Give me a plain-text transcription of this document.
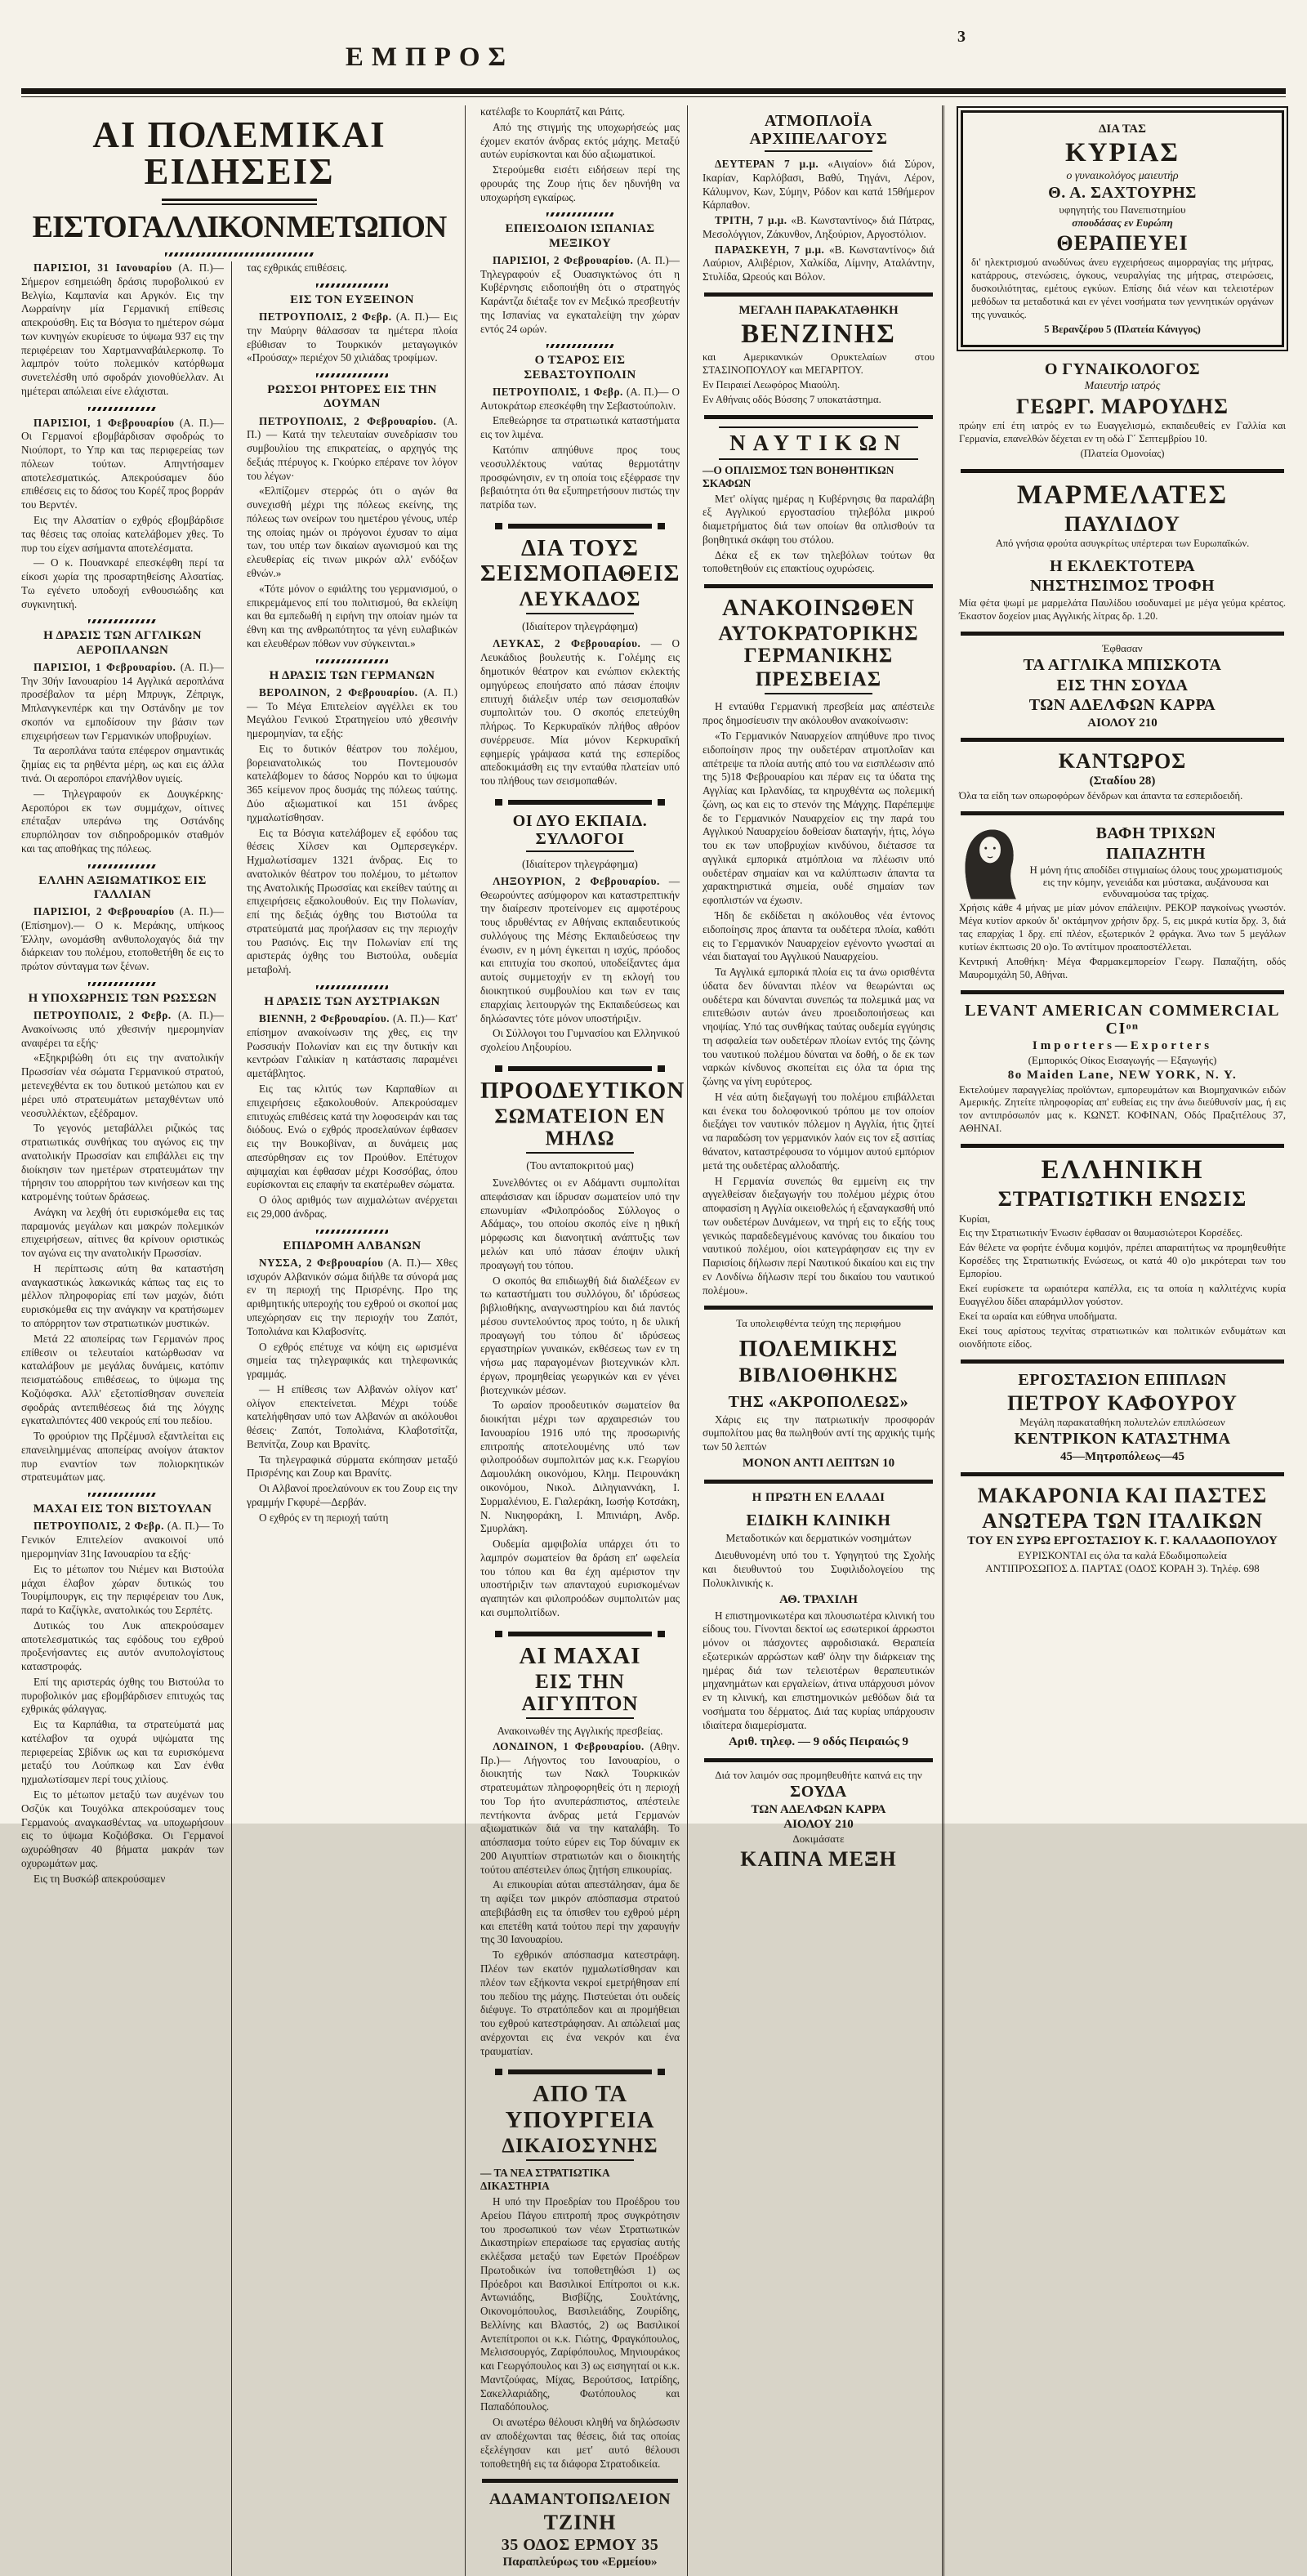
3
ΕΜΠΡΟΣ
ΑΙ ΠΟΛΕΜΙΚΑΙ ΕΙΔΗΣΕΙΣ
ΕΙΣ ΤΟ ΓΑΛΛΙΚΟΝ ΜΕΤΩΠΟΝ

ΠΑΡΙΣΙΟΙ, 31 Ιανουαρίου (Α. Π.)— Σήμερον εσημειώθη δράσις πυροβολικού εν Βελγίω, Καμπανία και Αργκόν. Εις την Λωρραίνην μία Γερμανική επίθεσις απεκρούσθη. Εις τα Βόσγια το ημέτερον σώμα των κυνηγών εκυρίευσε το ύψωμα 937 εις την περιφέρειαν του Χαρτμανναβάιλερκοπφ. Το λαμπρόν τούτο πολεμικόν κατόρθωμα συνετελέσθη υπό σφοδράν χιονοθύελλαν. Αι ημέτεραι απώλειαι είνε ελάχισται.

ΠΑΡΙΣΙΟΙ, 1 Φεβρουαρίου (Α. Π.)— Οι Γερμανοί εβομβάρδισαν σφοδρώς το Νιούπορτ, το Υπρ και τας περιφερείας των πόλεων τούτων. Απηντήσαμεν αποτελεσματικώς. Απεκρούσαμεν δύο επιθέσεις εις το δάσος του Κορέζ προς βορράν του Βερντέν.

Εις την Αλσατίαν ο εχθρός εβομβάρδισε τας θέσεις τας οποίας κατελάβομεν χθες. Το πυρ του είχεν ασήμαντα αποτελέσματα.

— Ο κ. Πουανκαρέ επεσκέφθη περί τα είκοσι χωρία της προσαρτηθείσης Αλσατίας. Τω εγένετο υποδοχή ενθουσιώδης και συγκινητική.

Η ΔΡΑΣΙΣ ΤΩΝ ΑΓΓΛΙΚΩΝ ΑΕΡΟΠΛΑΝΩΝ

ΠΑΡΙΣΙΟΙ, 1 Φεβρουαρίου. (Α. Π.)— Την 30ήν Ιανουαρίου 14 Αγγλικά αεροπλάνα προσέβαλον τα μέρη Μπρυγκ, Ζέπριγκ, Μπλανγκενπέρκ και την Οστάνδην με τον σκοπόν να εμποδίσουν την βάσιν των επιχειρήσεων των Γερμανικών υποβρυχίων.

Τα αεροπλάνα ταύτα επέφερον σημαντικάς ζημίας εις τα ρηθέντα μέρη, ως και εις άλλα τινά. Οι αεροπόροι επανήλθον υγιείς.

— Τηλεγραφούν εκ Δουγκέρκης· Αεροπόροι εκ των συμμάχων, οίτινες επέταξαν υπεράνω της Οστάνδης επυρπόλησαν τον σιδηροδρομικόν σταθμόν και τας αποθήκας της πόλεως.

ΕΛΛΗΝ ΑΞΙΩΜΑΤΙΚΟΣ ΕΙΣ ΓΑΛΛΙΑΝ

ΠΑΡΙΣΙΟΙ, 2 Φεβρουαρίου (Α. Π.)— (Επίσημον).— Ο κ. Μεράκης, υπήκοος Έλλην, ωνομάσθη ανθυπολοχαγός διά την διάρκειαν του πολέμου, ετοποθετήθη δε εις το πρώτον σύνταγμα των ξένων.

Η ΥΠΟΧΩΡΗΣΙΣ ΤΩΝ ΡΩΣΣΩΝ

ΠΕΤΡΟΥΠΟΛΙΣ, 2 Φεβρ. (Α. Π.)— Ανακοίνωσις υπό χθεσινήν ημερομηνίαν αναφέρει τα εξής·

«Εξηκριβώθη ότι εις την ανατολικήν Πρωσσίαν νέα σώματα Γερμανικού στρατού, μετενεχθέντα εκ του δυτικού μετώπου και εν μέρει υπό στρατευμάτων μεταχθέντων υπό νεοσυλλέκτων, εξέδραμον.

Το γεγονός μεταβάλλει ριζικώς τας στρατιωτικάς συνθήκας του αγώνος εις την ανατολικήν Πρωσσίαν και επιβάλλει εις την διοίκησιν των ημετέρων στρατευμάτων την τήρησιν του απορρήτου των κινήσεων και της κατρομένης τούτων δράσεως.

Ανάγκη να λεχθή ότι ευρισκόμεθα εις τας παραμονάς μεγάλων και μακρών πολεμικών επιχειρήσεων, αίτινες θα κρίνουν οριστικώς τον αγώνα εις την ανατολικήν Πρωσσίαν.

Η περίπτωσις αύτη θα καταστήση αναγκαστικώς λακωνικάς κάπως τας εις το μέλλον πληροφορίας επί των μαχών, διότι ευρισκόμεθα εις την ανάγκην να κρατήσωμεν το απόρρητον των στρατιωτικών μυστικών.

Μετά 22 αποπείρας των Γερμανών προς επίθεσιν οι τελευταίοι κατώρθωσαν να καταλάβουν με μεγάλας δυνάμεις, κατόπιν πεισματώδους επιθέσεως, το ύψωμα της Κοζιόφσκα. Αλλ' εξετοπίσθησαν συνεπεία σφοδράς αντεπιθέσεως διά της λόγχης εγκαταλιπόντες 400 νεκρούς επί του πεδίου.

Το φρούριον της Πρζέμυσλ εξαντλείται εις επανειλημμένας αποπείρας ανοίγον άτακτον πυρ εναντίον των πολιορκητικών στρατευμάτων μας.

ΜΑΧΑΙ ΕΙΣ ΤΟΝ ΒΙΣΤΟΥΛΑΝ

ΠΕΤΡΟΥΠΟΛΙΣ, 2 Φεβρ. (Α. Π.)— Το Γενικόν Επιτελείον ανακοινοί υπό ημερομηνίαν 31ης Ιανουαρίου τα εξής·

Εις το μέτωπον του Νιέμεν και Βιστούλα μάχαι έλαβον χώραν δυτικώς του Τουρίμπουργκ, εις την περιφέρειαν του Λυκ, παρά το Καζίγκλε, ανατολικώς του Σερπέτς.

Δυτικώς του Λυκ απεκρούσαμεν αποτελεσματικώς τας εφόδους του εχθρού προξενήσαντες εις αυτόν ανυπολογίστους καταστροφάς.

Επί της αριστεράς όχθης του Βιστούλα το πυροβολικόν μας εβομβάρδισεν επιτυχώς τας εχθρικάς φάλαγγας.

Εις τα Καρπάθια, τα στρατεύματά μας κατέλαβον τα οχυρά υψώματα της περιφερείας Σβίδνικ ως και τα ευρισκόμενα μεταξύ του Λούπκωφ και Σαν ένθα ηχμαλωτίσαμεν περί τους χιλίους.

Εις το μέτωπον μεταξύ των αυχένων του Οσζύκ και Τουχόλκα απεκρούσαμεν τους Γερμανούς αναγκασθέντας να υποχωρήσουν εις το ύψωμα Κοζιόβσκα. Οι Γερμανοί ωχυρώθησαν 40 βήματα μακράν των οχυρωμάτων μας.

Εις τη Βυσκώβ απεκρούσαμεν

τας εχθρικάς επιθέσεις.

ΕΙΣ ΤΟΝ ΕΥΞΕΙΝΟΝ

ΠΕΤΡΟΥΠΟΛΙΣ, 2 Φεβρ. (Α. Π.)— Εις την Μαύρην θάλασσαν τα ημέτερα πλοία εβύθισαν το Τουρκικόν μεταγωγικόν «Προύσαχ» περιέχον 50 χιλιάδας τροφίμων.

ΡΩΣΣΟΙ ΡΗΤΟΡΕΣ ΕΙΣ ΤΗΝ ΔΟΥΜΑΝ

ΠΕΤΡΟΥΠΟΛΙΣ, 2 Φεβρουαρίου. (Α. Π.) — Κατά την τελευταίαν συνεδρίασιν του συμβουλίου της επικρατείας, ο αρχηγός της δεξιάς πτέρυγος κ. Γκούρκο επέρανε τον λόγον του λέγων·

«Ελπίζομεν στερρώς ότι ο αγών θα συνεχισθή μέχρι της πόλεως εκείνης, της πόλεως των ονείρων του ημετέρου γένους, υπέρ της οποίας ημών οι πρόγονοι έχυσαν το αίμα των, του υπέρ των δικαίων αγωνισμού και της ελευθερίας είς τινων μικρών αλλ' ενδόξων εθνών.»

«Τότε μόνον ο εφιάλτης του γερμανισμού, ο επικρεμάμενος επί του πολιτισμού, θα εκλείψη και θα εμπεδωθή η ειρήνη την οποίαν ημών τα έθνη και της ανθρωπότητος τα γένη ευλαβικών και ελευθέρων πόθων νυν σύγκεινται.»

Η ΔΡΑΣΙΣ ΤΩΝ ΓΕΡΜΑΝΩΝ

ΒΕΡΟΛΙΝΟΝ, 2 Φεβρουαρίου. (Α. Π.) — Το Μέγα Επιτελείον αγγέλλει εκ του Μεγάλου Γενικού Στρατηγείου υπό χθεσινήν ημερομηνίαν, τα εξής:

Εις το δυτικόν θέατρον του πολέμου, βορειανατολικώς του Ποντεμουσόν κατελάβομεν το δάσος Νορρόυ και το ύψωμα 365 κείμενον προς δυσμάς της πόλεως ταύτης. Δύο αξιωματικοί και 151 άνδρες ηχμαλωτίσθησαν.

Εις τα Βόσγια κατελάβομεν εξ εφόδου τας θέσεις Χίλσεν και Ομπερσεγκέρν. Ηχμαλωτίσαμεν 1321 άνδρας. Εις το ανατολικόν θέατρον του πολέμου, το μέτωπον της Ανατολικής Πρωσσίας και εκείθεν ταύτης αι επιχειρήσεις εξακολουθούν. Εις την Πολωνίαν, επί της δεξιάς όχθης του Βιστούλα τα στρατεύματά μας προήλασαν εις την περιοχήν του Ρασιόνς. Εις την Πολωνίαν επί της αριστεράς όχθης του Βιστούλα, ουδεμία μεταβολή.

Η ΔΡΑΣΙΣ ΤΩΝ ΑΥΣΤΡΙΑΚΩΝ

ΒΙΕΝΝΗ, 2 Φεβρουαρίου. (Α. Π.)— Κατ' επίσημον ανακοίνωσιν της χθες, εις την Ρωσσικήν Πολωνίαν και εις την δυτικήν και κεντρώαν Γαλικίαν η κατάστασις παραμένει αμετάβλητος.

Εις τας κλιτύς των Καρπαθίων αι επιχειρήσεις εξακολουθούν. Απεκρούσαμεν επιτυχώς επιθέσεις κατά την λοφοσειράν και τας διόδους. Ενώ ο εχθρός προσελαύνων έφθασεν εις την Βουκοβίναν, αι δυνάμεις μας απεσύρθησαν εις τον Προύθον. Επέτυχον αψιμαχίαι και έφθασαν μέχρι Κοσσόβας, όπου ευρίσκονται εις επαφήν τα εκατέρωθεν σώματα.

Ο όλος αριθμός των αιχμαλώτων ανέρχεται εις 29,000 άνδρας.

ΕΠΙΔΡΟΜΗ ΑΛΒΑΝΩΝ

ΝΥΣΣΑ, 2 Φεβρουαρίου (Α. Π.)— Χθες ισχυρόν Αλβανικόν σώμα διήλθε τα σύνορά μας εν τη περιοχή της Πρισρένης. Προ της αριθμητικής υπεροχής του εχθρού οι σκοποί μας υπεχώρησαν εις την περιοχήν του Ζαπότ, Τοπολιάνα και Κλαβοσνίτς.

Ο εχθρός επέτυχε να κόψη εις ωρισμένα σημεία τας τηλεγραφικάς και τηλεφωνικάς γραμμάς.

— Η επίθεσις των Αλβανών ολίγον κατ' ολίγον επεκτείνεται. Μέχρι τούδε κατελήφθησαν υπό των Αλβανών αι ακόλουθοι θέσεις· Ζαπότ, Τοπολιάνα, Κλαβοτσίτζα, Βεπνίτζα, Ζουρ και Βρανίτς.

Τα τηλεγραφικά σύρματα εκόπησαν μεταξύ Πρισρένης και Ζουρ και Βρανίτς.

Οι Αλβανοί προελαύνουν εκ του Ζουρ εις την γραμμήν Γκφυρέ—Δερβάν.

Ο εχθρός εν τη περιοχή ταύτη

κατέλαβε το Κουρπάτζ και Ράιτς.

Από της στιγμής της υποχωρήσεώς μας έχομεν εκατόν άνδρας εκτός μάχης. Μεταξύ αυτών ευρίσκονται και δύο αξιωματικοί.

Στερούμεθα εισέτι ειδήσεων περί της φρουράς της Ζουρ ήτις δεν ηδυνήθη να υποχωρήση εγκαίρως.

ΕΠΕΙΣΟΔΙΟΝ ΙΣΠΑΝΙΑΣ ΜΕΞΙΚΟΥ

ΠΑΡΙΣΙΟΙ, 2 Φεβρουαρίου. (Α. Π.)— Τηλεγραφούν εξ Ουασιγκτώνος ότι η Κυβέρνησις ειδοποιήθη ότι ο στρατηγός Καράντζα διέταξε τον εν Μεξικώ πρεσβευτήν της Ισπανίας να εγκαταλείψη την χώραν εντός 24 ωρών.

Ο ΤΣΑΡΟΣ ΕΙΣ ΣΕΒΑΣΤΟΥΠΟΛΙΝ

ΠΕΤΡΟΥΠΟΛΙΣ, 1 Φεβρ. (Α. Π.)— Ο Αυτοκράτωρ επεσκέφθη την Σεβαστούπολιν.

Επεθεώρησε τα στρατιωτικά καταστήματα εις τον λιμένα.

Κατόπιν απηύθυνε προς τους νεοσυλλέκτους ναύτας θερμοτάτην προσφώνησιν, εν τη οποία τοις εξέφρασε την βεβαιότητα ότι θα εξυπηρετήσουν πιστώς την πατρίδα των.

ΔΙΑ ΤΟΥΣ ΣΕΙΣΜΟΠΑΘΕΙΣ
ΛΕΥΚΑΔΟΣ
(Ιδιαίτερον τηλεγράφημα)

ΛΕΥΚΑΣ, 2 Φεβρουαρίου. — Ο Λευκάδιος βουλευτής κ. Γολέμης εις δημοτικόν θέατρον και ενώπιον εκλεκτής ομηγύρεως εποιήσατο από πάσαν έποψιν επιτυχή διάλεξιν υπέρ των σεισμοπαθών συμπολιτών του. Ο σκοπός επετεύχθη πλήρως. Το Κερκυραϊκόν πλήθος αθρόον συνέρρευσε. Μία μόνον Κερκυραϊκή εφημερίς γράψασα κατά της εσπερίδος απεδοκιμάσθη εις την ενταύθα πλατείαν υπό του πλήθους των σεισμοπαθών.

ΟΙ ΔΥΟ ΕΚΠΑΙΔ. ΣΥΛΛΟΓΟΙ
(Ιδιαίτερον τηλεγράφημα)

ΛΗΞΟΥΡΙΟΝ, 2 Φεβρουαρίου. — Θεωρούντες ασύμφορον και καταστρεπτικήν την διαίρεσιν προτείνομεν εις αμφοτέρους τους ιδρυθέντας εν Αθήναις εκπαιδευτικούς συλλόγους της Μέσης Εκπαιδεύσεως την ένωσιν, εν η μόνη έγκειται η ισχύς, πρόοδος και επιτυχία του σκοπού, υποδείξαντες άμα αυτοίς συμμετοχήν εν τη εκλογή του διοικητικού συμβουλίου και των εν ταις επαρχίαις λειτουργών της Εκπαιδεύσεως και δηλώσαντες τότε μόνον υποστήριξιν.

Οι Σύλλογοι του Γυμνασίου και Ελληνικού σχολείου Ληξουρίου.

ΠΡΟΟΔΕΥΤΙΚΟΝ
ΣΩΜΑΤΕΙΟΝ ΕΝ ΜΗΛΩ
(Του ανταποκριτού μας)

Συνελθόντες οι εν Αδάμαντι συμπολίται απεφάσισαν και ίδρυσαν σωματείον υπό την επωνυμίαν «Φιλοπρόοδος Σύλλογος ο Αδάμας», του οποίου σκοπός είνε η ηθική μόρφωσις και διανοητική ανάπτυξις των μελών και υπό πάσαν έποψιν υλική προαγωγή του τόπου.

Ο σκοπός θα επιδιωχθή διά διαλέξεων εν τω καταστήματι του συλλόγου, δι' ιδρύσεως βιβλιοθήκης, αναγνωστηρίου και διά παντός μέσου συντελούντος προς τούτο, η δε υλική προαγωγή του τόπου δι' ιδρύσεως εργαστηρίων γυναικών, εκθέσεως των εν τη νήσω μας παραγομένων βιοτεχνικών κλπ. έργων, προμηθείας γεωργικών και εν γένει βιοτεχνικών μέσων.

Το ωραίον προοδευτικόν σωματείον θα διοικήται μέχρι των αρχαιρεσιών του Ιανουαρίου 1916 υπό της προσωρινής επιτροπής αποτελουμένης υπό των φιλοπροόδων συμπολιτών μας κ.κ. Γεωργίου Δαμουλάκη οικονόμου, Κλημ. Πειρουνάκη οικονόμου, Νικολ. Διληγιαννάκη, Ι. Συρμαλένιου, Ε. Γιαλεράκη, Ιωσήφ Κοτσάκη, Ν. Νικηφοράκη, Ι. Μπινιάρη, Ανδρ. Σμυρλάκη.

Ουδεμία αμφιβολία υπάρχει ότι το λαμπρόν σωματείον θα δράση επ' ωφελεία του τόπου και θα έχη αμέριστον την υποστήριξιν των απανταχού ευρισκομένων αγαπητών και φιλοπροόδων συμπολιτών μας και συμπολιτίδων.

ΑΙ ΜΑΧΑΙ
ΕΙΣ ΤΗΝ ΑΙΓΥΠΤΟΝ

Ανακοινωθέν της Αγγλικής πρεσβείας.

ΛΟΝΔΙΝΟΝ, 1 Φεβρουαρίου. (Αθην. Πρ.)— Λήγοντος του Ιανουαρίου, ο διοικητής των Νακλ Τουρκικών στρατευμάτων πληροφορηθείς ότι η περιοχή του Τορ ήτο ανυπεράσπιστος, απέστειλε πεντήκοντα άνδρας μετά Γερμανών αξιωματικών διά να την καταλάβη. Το απόσπασμα τούτο εύρεν εις Τορ δύναμιν εκ 200 Αιγυπτίων στρατιωτών και ο διοικητής τούτου απέστειλεν όπως ζητήση επικουρίας.

Αι επικουρίαι αύται απεστάλησαν, άμα δε τη αφίξει των μικρόν απόσπασμα στρατού απεβιβάσθη εις τα όπισθεν του εχθρού μέρη και επετέθη κατά τούτου περί την χαραυγήν της 30 Ιανουαρίου.

Το εχθρικόν απόσπασμα κατεστράφη. Πλέον των εκατόν ηχμαλωτίσθησαν και πλέον των εξήκοντα νεκροί εμετρήθησαν επί του πεδίου της μάχης. Πιστεύεται ότι ουδείς διέφυγε. Το στρατόπεδον και αι προμήθειαι του εχθρού κατεστράφησαν. Αι απώλειαί μας ανέρχονται εις ένα νεκρόν και ένα τραυματίαν.

ΑΠΟ ΤΑ ΥΠΟΥΡΓΕΙΑ
ΔΙΚΑΙΟΣΥΝΗΣ
— ΤΑ ΝΕΑ ΣΤΡΑΤΙΩΤΙΚΑ ΔΙΚΑΣΤΗΡΙΑ

Η υπό την Προεδρίαν του Προέδρου του Αρείου Πάγου επιτροπή προς συγκρότησιν του προσωπικού των νέων Στρατιωτικών Δικαστηρίων επεραίωσε τας εργασίας αυτής εκλέξασα μεταξύ των Εφετών Προέδρων Πρωτοδικών ίνα τοποθετηθώσι 1) ως Πρόεδροι και Βασιλικοί Επίτροποι οι κ.κ. Αντωνιάδης, Βισβίζης, Σουλτάνης, Οικονομόπουλος, Βασιλειάδης, Ζουρίδης, Βελλίνης και Βλαστός, 2) ως Βασιλικοί Αντεπίτροποι οι κ.κ. Γιώτης, Φραγκόπουλος, Μελισσουργός, Ζαρίφόπουλος, Μηνιουράκος και Γεωργόπουλος και 3) ως εισηγηταί οι κ.κ. Μαντζούφας, Μίχας, Βερούτσος, Ιατρίδης, Σακελλαριάδης, Φωτόπουλος και Παπαδόπουλος.

Οι ανωτέρω θέλουσι κληθή να δηλώσωσιν αν αποδέχωνται τας θέσεις, διά τας οποίας εξελέγησαν και μετ' αυτό θέλουσι τοποθετηθή εις τα διάφορα Στρατοδικεία.

ΑΔΑΜΑΝΤΟΠΩΛΕΙΟΝ
ΤΖΙΝΗ
35 ΟΔΟΣ ΕΡΜΟΥ 35
Παραπλεύρως του «Ερμείου»
ΑΤΜΟΠΛΟΪΑ ΑΡΧΙΠΕΛΑΓΟΥΣ

ΔΕΥΤΕΡΑΝ 7 μ.μ. «Αιγαίον» διά Σύρον, Ικαρίαν, Καρλόβασι, Βαθύ, Τηγάνι, Λέρον, Κάλυμνον, Κων, Σύμην, Ρόδον και κατά 15θήμερον Κάρπαθον.

ΤΡΙΤΗ, 7 μ.μ. «Β. Κωνσταντίνος» διά Πάτρας, Μεσολόγγιον, Ζάκυνθον, Ληξούριον, Αργοστόλιον.

ΠΑΡΑΣΚΕΥΗ, 7 μ.μ. «Β. Κωνσταντίνος» διά Λαύριον, Αλιβέριον, Χαλκίδα, Λίμνην, Αταλάντην, Στυλίδα, Ωρεούς και Βόλον.

ΜΕΓΑΛΗ ΠΑΡΑΚΑΤΑΘΗΚΗ
ΒΕΝΖΙΝΗΣ

και Αμερικανικών Ορυκτελαίων στου ΣΤΑΣΙΝΟΠΟΥΛΟΥ και ΜΕΓΑΡΙΤΟΥ.

Εν Πειραιεί Λεωφόρος Μιαούλη.

Εν Αθήναις οδός Βύσσης 7 υποκατάστημα.

ΝΑΥΤΙΚΩΝ
—Ο ΟΠΛΙΣΜΟΣ ΤΩΝ ΒΟΗΘΗΤΙΚΩΝ ΣΚΑΦΩΝ

Μετ' ολίγας ημέρας η Κυβέρνησις θα παραλάβη εξ Αγγλικού εργοστασίου τηλεβόλα μικρού διαμετρήματος διά των οποίων θα οπλισθούν τα βοηθητικά σκάφη του στόλου.

Δέκα εξ εκ των τηλεβόλων τούτων θα τοποθετηθούν εις επακτίους οχυρώσεις.

ΑΝΑΚΟΙΝΩΘΕΝ
ΑΥΤΟΚΡΑΤΟΡΙΚΗΣ ΓΕΡΜΑΝΙΚΗΣ
ΠΡΕΣΒΕΙΑΣ

Η ενταύθα Γερμανική πρεσβεία μας απέστειλε προς δημοσίευσιν την ακόλουθον ανακοίνωσιν:

«Το Γερμανικόν Ναυαρχείον απηύθυνε προ τινος ειδοποίησιν προς την ουδετέραν ατμοπλοΐαν και απέτρεψε τα πλοία αυτής από του να εισπλέωσιν από της 5)18 Φεβρουαρίου και πέραν εις τα ύδατα της Αγγλίας και Ιρλανδίας, τα κηρυχθέντα ως πολεμική ζώνη, ως και εις το στενόν της Μάγχης. Παρέπεμψε δε το Γερμανικόν Ναυαρχείον εις την παρά του Αγγλικού Ναυαρχείου δοθείσαν διαταγήν, ήτις, λόγω του εκ των υποβρυχίων κινδύνου, διέτασσε τα αγγλικά εμπορικά ατμόπλοια να πλέωσιν υπό ουδετέραν σημαίαν και να καλύπτωσιν άπαντα τα χαρακτηριστικά σημεία, ουδέ σημαίαν των εφοπλιστών να έχωσιν.

Ήδη δε εκδίδεται η ακόλουθος νέα έντονος ειδοποίησις προς άπαντα τα ουδέτερα πλοία, καθότι εις το Γερμανικόν Ναυαρχείον εγένοντο γνωσταί αι νέαι διαταγαί του Αγγλικού Ναυαρχείου.

Τα Αγγλικά εμπορικά πλοία εις τα άνω ορισθέντα ύδατα δεν δύνανται πλέον να θεωρώνται ως ουδέτερα και δύνανται συνεπώς τα πολεμικά μας να επιτεθώσιν αυτών άνευ προειδοποιήσεως και νηοψίας. Υπό τας συνθήκας ταύτας ουδεμία εγγύησις τη ασφαλεία των ουδετέρων πλοίων εντός της ζώνης του ναυτικού πολέμου δύναται να δοθή, ο δε εκ των ναρκών κίνδυνος σκοπείται εις όλα τα όρια της ζώνης να γίνη ευρύτερος.

Η νέα αύτη διεξαγωγή του πολέμου επιβάλλεται και ένεκα του δολοφονικού τρόπου με τον οποίον διεξάγει τον ναυτικόν πόλεμον η Αγγλία, ήτις ζητεί να παραδώση τον γερμανικόν λαόν εις τον εξ ασιτίας θάνατον, καταστρέφουσα το νόμιμον αυτού εμπόριον μετά της ουδετέρας αλλοδαπής.

Η Γερμανία συνεπώς θα εμμείνη εις την αγγελθείσαν διεξαγωγήν του πολέμου μέχρις ότου αποφασίση η Αγγλία οικειοθελώς ή εξαναγκασθή υπό των ουδετέρων Δυνάμεων, να τηρή εις το εξής τους γενικώς παραδεδεγμένους κανόνας του δικαίου του ναυτικού πολέμου, οίοι κατεγράφησαν εις την εν Παρισίοις δήλωσιν περί Ναυτικού δικαίου και εις την εν Λονδίνω δήλωσιν περί του δικαίου του ναυτικού πολέμου».

Τα υπολειφθέντα τεύχη της περιφήμου
ΠΟΛΕΜΙΚΗΣ
ΒΙΒΛΙΟΘΗΚΗΣ
ΤΗΣ «ΑΚΡΟΠΟΛΕΩΣ»

Χάρις εις την πατριωτικήν προσφοράν συμπολίτου μας θα πωληθούν αντί της αρχικής τιμής των 50 λεπτών

ΜΟΝΟΝ ΑΝΤΙ ΛΕΠΤΩΝ 10

Η ΠΡΩΤΗ ΕΝ ΕΛΛΑΔΙ
ΕΙΔΙΚΗ ΚΛΙΝΙΚΗ
Μεταδοτικών και δερματικών νοσημάτων

Διευθυνομένη υπό του τ. Υφηγητού της Σχολής και διευθυντού του Συφιλιδολογείου της Πολυκλινικής κ.

ΑΘ. ΤΡΑΧΙΛΗ

Η επιστημονικωτέρα και πλουσιωτέρα κλινική του είδους του. Γίνονται δεκτοί ως εσωτερικοί άρρωστοι μόνον οι πάσχοντες αφροδισιακά. Θεραπεία εξωτερικών αρρώστων καθ' όλην την διάρκειαν της ημέρας διά των τελειοτέρων θεραπευτικών μηχανημάτων και εργαλείων, άτινα υπάρχουσι μόνον εν τη κλινική, και επιστημονικών μεθόδων διά τα νοσήματα του δέρματος. Διά τας κυρίας υπάρχουσιν ιδιαίτερα διαμερίσματα.

Αριθ. τηλεφ. — 9 οδός Πειραιώς 9

Διά τον λαιμόν σας προμηθευθήτε καπνά εις την
ΣΟΥΔΑ
ΤΩΝ ΑΔΕΛΦΩΝ ΚΑΡΡΑ
ΑΙΟΛΟΥ 210
Δοκιμάσατε
ΚΑΠΝΑ ΜΕΞΗ
ΔΙΑ ΤΑΣ
ΚΥΡΙΑΣ
ο γυναικολόγος μαιευτήρ
Θ. Α. ΣΑΧΤΟΥΡΗΣ
υφηγητής του Πανεπιστημίου
σπουδάσας εν Ευρώπη
ΘΕΡΑΠΕΥΕΙ

δι' ηλεκτρισμού ανωδύνως άνευ εγχειρήσεως αιμορραγίας της μήτρας, κατάρρους, στενώσεις, όγκους, νευραλγίας της μήτρας, στειρώσεις, δυσκοιλιότητας, εμέτους εγκύων. Επίσης διά νέων και τελειοτέρων μεθόδων τα μεταδοτικά και εν γένει νοσήματα των γεννητικών οργάνων της γυναικός.

5 Βερανζέρου 5 (Πλατεία Κάνιγγος)

Ο ΓΥΝΑΙΚΟΛΟΓΟΣ
Μαιευτήρ ιατρός
ΓΕΩΡΓ. ΜΑΡΟΥΔΗΣ

πρώην επί έτη ιατρός εν τω Ευαγγελισμώ, εκπαιδευθείς εν Γαλλία και Γερμανία, επανελθών δέχεται εν τη οδώ Γ΄ Σεπτεμβρίου 10.

(Πλατεία Ομονοίας)

ΜΑΡΜΕΛΑΤΕΣ
ΠΑΥΛΙΔΟΥ

Από γνήσια φρούτα ασυγκρίτως υπέρτεραι των Ευρωπαϊκών.

Η ΕΚΛΕΚΤΟΤΕΡΑ
ΝΗΣΤΗΣΙΜΟΣ ΤΡΟΦΗ

Μία φέτα ψωμί με μαρμελάτα Παυλίδου ισοδυναμεί με μέγα γεύμα κρέατος. Έκαστον δοχείον μιας Αγγλικής λίτρας δρ. 1.20.

Έφθασαν
ΤΑ ΑΓΓΛΙΚΑ ΜΠΙΣΚΟΤΑ
ΕΙΣ ΤΗΝ ΣΟΥΔΑ
ΤΩΝ ΑΔΕΛΦΩΝ ΚΑΡΡΑ
ΑΙΟΛΟΥ 210
ΚΑΝΤΩΡΟΣ
(Σταδίου 28)

Όλα τα είδη των οπωροφόρων δένδρων και άπαντα τα εσπεριδοειδή.

ΒΑΦΗ ΤΡΙΧΩΝ
ΠΑΠΑΖΗΤΗ
Η μόνη ήτις αποδίδει στιγμιαίως όλους τους χρωματισμούς εις την κόμην, γενειάδα και μύστακα, αυξάνουσα και ενδυναμούσα τας τρίχας.

Χρήσις κάθε 4 μήνας με μίαν μόνον επάλειψιν. ΡΕΚΟΡ παγκοίνως γνωστόν. Μέγα κυτίον αρκούν δι' οκτάμηνον χρήσιν δρχ. 5, εις μικρά κυτία δρχ. 3, διά τας επαρχίας 1 δρχ. επί πλέον, εξωτερικόν 2 φράγκα. Άνω των 5 μεγάλων κυτίων έκπτωσις 20 ο)ο. Το αντίτιμον προαποστέλλεται.

Κεντρική Αποθήκη· Μέγα Φαρμακεμπορείον Γεωργ. Παπαζήτη, οδός Μαυρομιχάλη 50, Αθήναι.

LEVANT AMERICAN COMMERCIAL CIᵒⁿ
Importers—Exporters
(Εμπορικός Οίκος Εισαγωγής — Εξαγωγής)
8o Maiden Lane, NEW YORK, N. Y.

Εκτελούμεν παραγγελίας προϊόντων, εμπορευμάτων και Βιομηχανικών ειδών Αμερικής. Ζητείτε πληροφορίας απ' ευθείας εις την άνω διεύθυνσίν μας, ή εις τον αντιπρόσωπόν μας κ. ΚΩΝΣΤ. ΚΟΦΙΝΑΝ, Οδός Πραξιτέλους 37, ΑΘΗΝΑΙ.

ΕΛΛΗΝΙΚΗ
ΣΤΡΑΤΙΩΤΙΚΗ ΕΝΩΣΙΣ

Κυρίαι,

Εις την Στρατιωτικήν Ένωσιν έφθασαν οι θαυμασιώτεροι Κορσέδες.

Εάν θέλετε να φορήτε ένδυμα κομψόν, πρέπει απαραιτήτως να προμηθευθήτε Κορσέδες της Στρατιωτικής Ενώσεως, οι κατά 40 ο)ο μικρότεραι των του Εμπορίου.

Εκεί ευρίσκετε τα ωραιότερα καπέλλα, εις τα οποία η καλλιτέχνις κυρία Ευαγγέλου δίδει απαράμιλλον γούστον.

Εκεί τα ωραία και εύθηνα υποδήματα.

Εκεί τους αρίστους τεχνίτας στρατιωτικών και πολιτικών ενδυμάτων και οιονδήποτε είδος.

ΕΡΓΟΣΤΑΣΙΟΝ ΕΠΙΠΛΩΝ
ΠΕΤΡΟΥ ΚΑΦΟΥΡΟΥ
Μεγάλη παρακαταθήκη πολυτελών επιπλώσεων
ΚΕΝΤΡΙΚΟΝ ΚΑΤΑΣΤΗΜΑ
45—Μητροπόλεως—45
ΜΑΚΑΡΟΝΙΑ ΚΑΙ ΠΑΣΤΕΣ
ΑΝΩΤΕΡΑ ΤΩΝ ΙΤΑΛΙΚΩΝ
ΤΟΥ ΕΝ ΣΥΡΩ ΕΡΓΟΣΤΑΣΙΟΥ Κ. Γ. ΚΑΛΑΔΟΠΟΥΛΟΥ
ΕΥΡΙΣΚΟΝΤΑΙ εις όλα τα καλά Εδωδιμοπωλεία
ΑΝΤΙΠΡΟΣΩΠΟΣ Δ. ΠΑΡΤΑΣ (ΟΔΟΣ ΚΟΡΑΗ 3). Τηλέφ. 698
